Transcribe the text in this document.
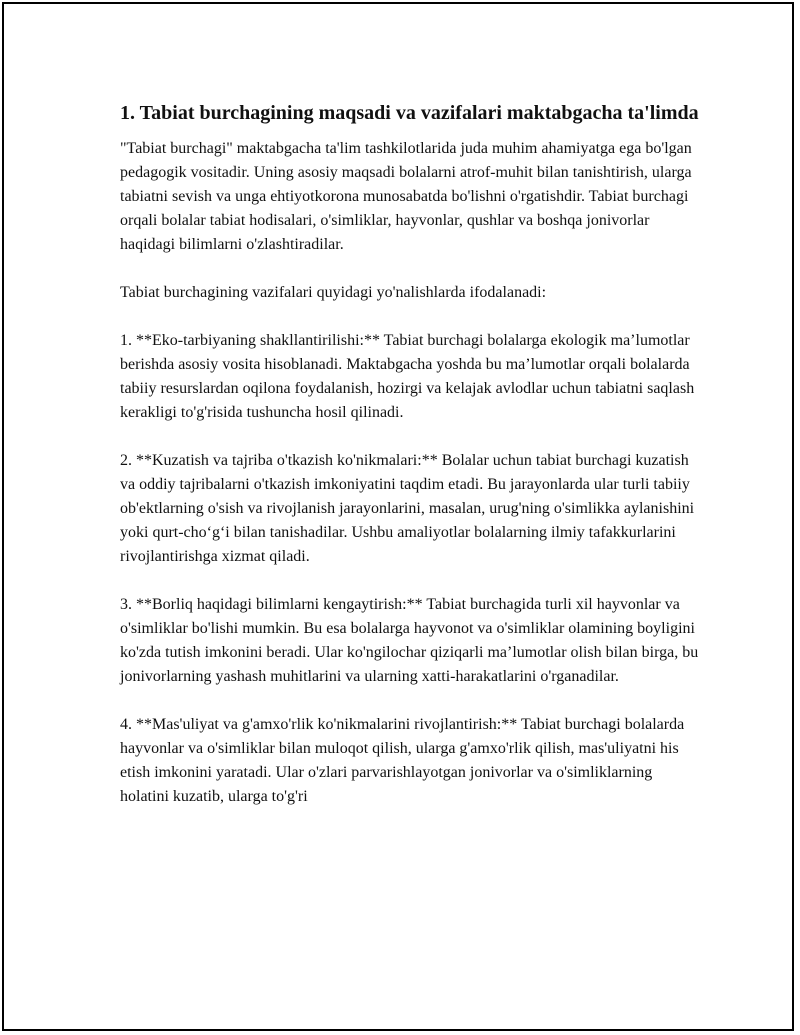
1. Tabiat burchagining maqsadi va vazifalari maktabgacha ta'limda

"Tabiat burchagi" maktabgacha ta'lim tashkilotlarida juda muhim ahamiyatga ega bo'lgan pedagogik vositadir. Uning asosiy maqsadi bolalarni atrof-muhit bilan tanishtirish, ularga tabiatni sevish va unga ehtiyotkorona munosabatda bo'lishni o'rgatishdir. Tabiat burchagi orqali bolalar tabiat hodisalari, o'simliklar, hayvonlar, qushlar va boshqa jonivorlar haqidagi bilimlarni o'zlashtiradilar.

Tabiat burchagining vazifalari quyidagi yo'nalishlarda ifodalanadi:

1. **Eko-tarbiyaning shakllantirilishi:** Tabiat burchagi bolalarga ekologik ma’lumotlar berishda asosiy vosita hisoblanadi. Maktabgacha yoshda bu ma’lumotlar orqali bolalarda tabiiy resurslardan oqilona foydalanish, hozirgi va kelajak avlodlar uchun tabiatni saqlash kerakligi to'g'risida tushuncha hosil qilinadi.

2. **Kuzatish va tajriba o'tkazish ko'nikmalari:** Bolalar uchun tabiat burchagi kuzatish va oddiy tajribalarni o'tkazish imkoniyatini taqdim etadi. Bu jarayonlarda ular turli tabiiy ob'ektlarning o'sish va rivojlanish jarayonlarini, masalan, urug'ning o'simlikka aylanishini yoki qurt-cho‘g‘i bilan tanishadilar. Ushbu amaliyotlar bolalarning ilmiy tafakkurlarini rivojlantirishga xizmat qiladi.

3. **Borliq haqidagi bilimlarni kengaytirish:** Tabiat burchagida turli xil hayvonlar va o'simliklar bo'lishi mumkin. Bu esa bolalarga hayvonot va o'simliklar olamining boyligini ko'zda tutish imkonini beradi. Ular ko'ngilochar qiziqarli ma’lumotlar olish bilan birga, bu jonivorlarning yashash muhitlarini va ularning xatti-harakatlarini o'rganadilar.

4. **Mas'uliyat va g'amxo'rlik ko'nikmalarini rivojlantirish:** Tabiat burchagi bolalarda hayvonlar va o'simliklar bilan muloqot qilish, ularga g'amxo'rlik qilish, mas'uliyatni his etish imkonini yaratadi. Ular o'zlari parvarishlayotgan jonivorlar va o'simliklarning holatini kuzatib, ularga to'g'ri
